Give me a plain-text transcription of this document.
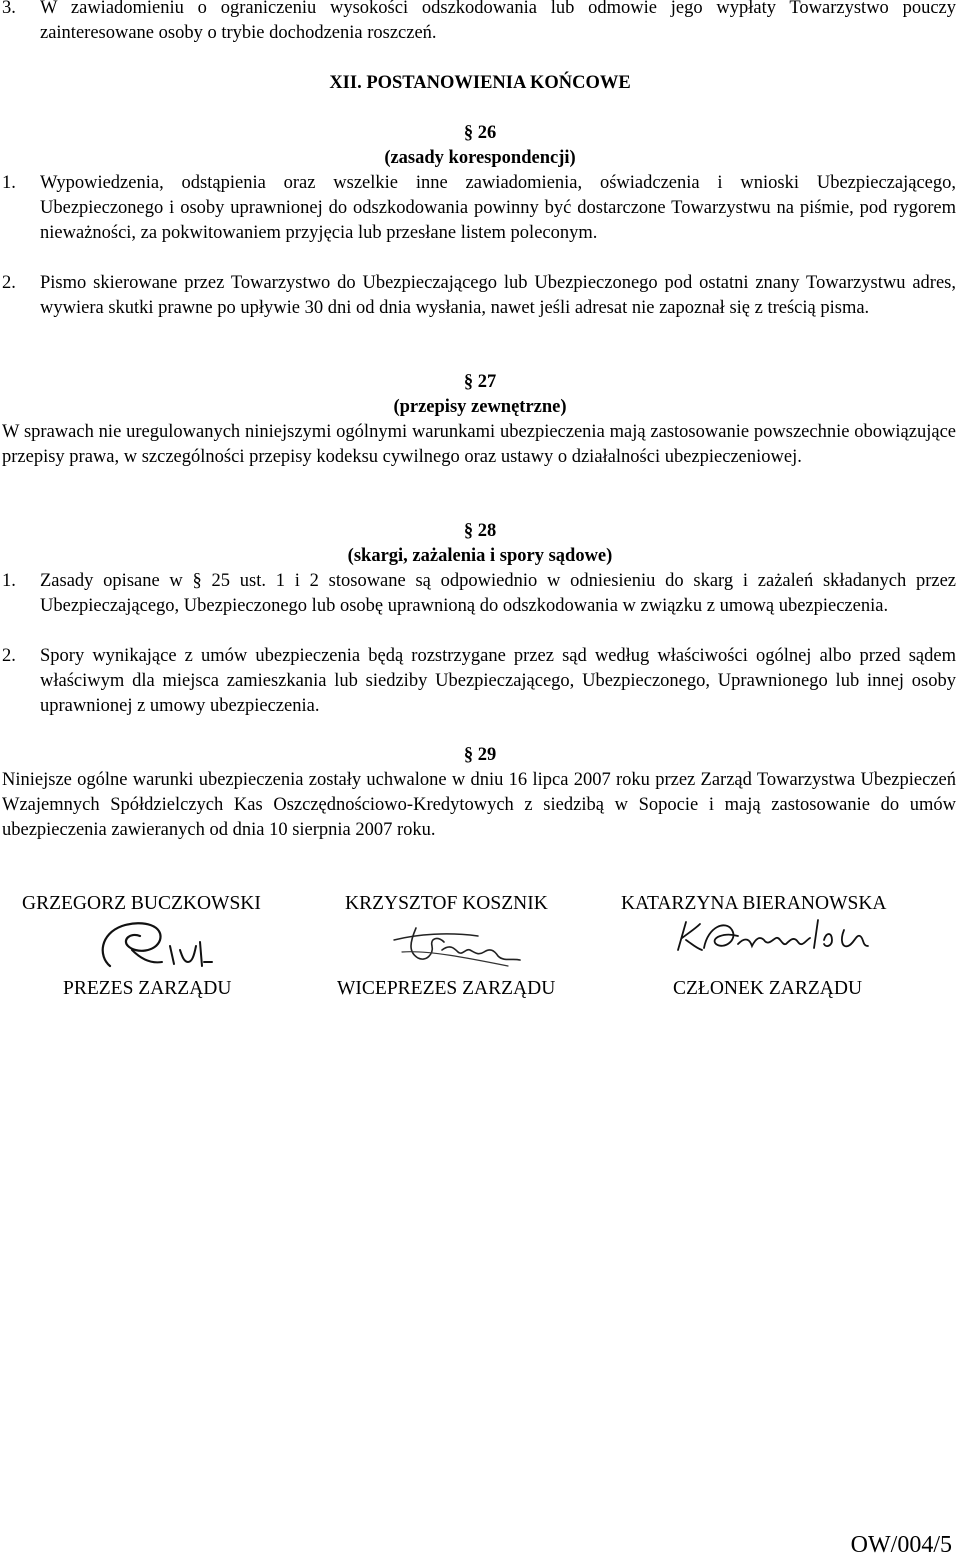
3. W zawiadomieniu o ograniczeniu wysokości odszkodowania lub odmowie jego wypłaty Towarzystwo pouczy zainteresowane osoby o trybie dochodzenia roszczeń.
XII. POSTANOWIENIA KOŃCOWE
§ 26
(zasady korespondencji)
1. Wypowiedzenia, odstąpienia oraz wszelkie inne zawiadomienia, oświadczenia i wnioski Ubezpieczającego, Ubezpieczonego i osoby uprawnionej do odszkodowania powinny być dostarczone Towarzystwu na piśmie, pod rygorem nieważności, za pokwitowaniem przyjęcia lub przesłane listem poleconym.
2. Pismo skierowane przez Towarzystwo do Ubezpieczającego lub Ubezpieczonego pod ostatni znany Towarzystwu adres, wywiera skutki prawne po upływie 30 dni od dnia wysłania, nawet jeśli adresat nie zapoznał się z treścią pisma.
§ 27
(przepisy zewnętrzne)
W sprawach nie uregulowanych niniejszymi ogólnymi warunkami ubezpieczenia mają zastosowanie powszechnie obowiązujące przepisy prawa, w szczególności przepisy kodeksu cywilnego oraz ustawy o działalności ubezpieczeniowej.
§ 28
(skargi, zażalenia i spory sądowe)
1. Zasady opisane w § 25 ust. 1 i 2 stosowane są odpowiednio w odniesieniu do skarg i zażaleń składanych przez Ubezpieczającego, Ubezpieczonego lub osobę uprawnioną do odszkodowania w związku z umową ubezpieczenia.
2. Spory wynikające z umów ubezpieczenia będą rozstrzygane przez sąd według właściwości ogólnej albo przed sądem właściwym dla miejsca zamieszkania lub siedziby Ubezpieczającego, Ubezpieczonego, Uprawnionego lub innej osoby uprawnionej z umowy ubezpieczenia.
§ 29
Niniejsze ogólne warunki ubezpieczenia zostały uchwalone w dniu 16 lipca 2007 roku przez Zarząd Towarzystwa Ubezpieczeń Wzajemnych Spółdzielczych Kas Oszczędnościowo-Kredytowych z siedzibą w Sopocie i mają zastosowanie do umów ubezpieczenia zawieranych od dnia 10 sierpnia 2007 roku.
GRZEGORZ BUCZKOWSKI	KRZYSZTOF KOSZNIK	KATARZYNA BIERANOWSKA
PREZES ZARZĄDU	WICEPREZES ZARZĄDU	CZŁONEK ZARZĄDU
OW/004/5
